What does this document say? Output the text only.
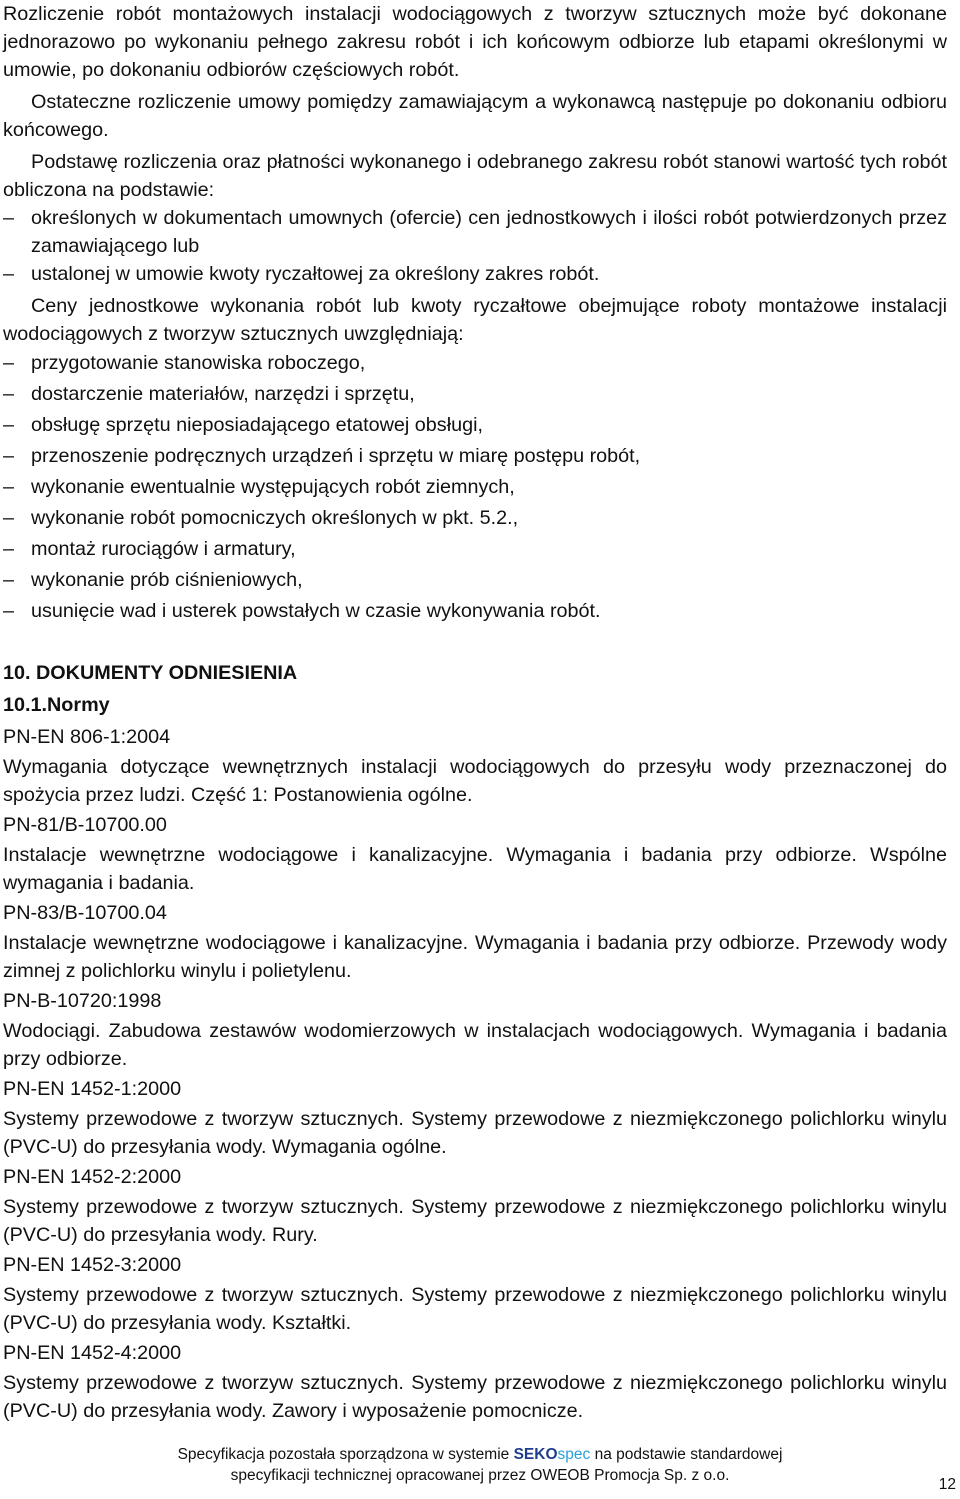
Rozliczenie robót montażowych instalacji wodociągowych z tworzyw sztucznych może być dokonane jednorazowo po wykonaniu pełnego zakresu robót i ich końcowym odbiorze lub etapami określonymi w umowie, po dokonaniu odbiorów częściowych robót.

Ostateczne rozliczenie umowy pomiędzy zamawiającym a wykonawcą następuje po dokonaniu odbioru końcowego.

Podstawę rozliczenia oraz płatności wykonanego i odebranego zakresu robót stanowi wartość tych robót obliczona na podstawie:

– określonych w dokumentach umownych (ofercie) cen jednostkowych i ilości robót potwierdzonych przez zamawiającego lub
– ustalonej w umowie kwoty ryczałtowej za określony zakres robót.

Ceny jednostkowe wykonania robót lub kwoty ryczałtowe obejmujące roboty montażowe instalacji wodociągowych z tworzyw sztucznych uwzględniają:

– przygotowanie stanowiska roboczego,
– dostarczenie materiałów, narzędzi i sprzętu,
– obsługę sprzętu nieposiadającego etatowej obsługi,
– przenoszenie podręcznych urządzeń i sprzętu w miarę postępu robót,
– wykonanie ewentualnie występujących robót ziemnych,
– wykonanie robót pomocniczych określonych w pkt. 5.2.,
– montaż rurociągów i armatury,
– wykonanie prób ciśnieniowych,
– usunięcie wad i usterek powstałych w czasie wykonywania robót.
10. DOKUMENTY ODNIESIENIA
10.1.Normy
PN-EN 806-1:2004
Wymagania dotyczące wewnętrznych instalacji wodociągowych do przesyłu wody przeznaczonej do spożycia przez ludzi. Część 1: Postanowienia ogólne.
PN-81/B-10700.00
Instalacje wewnętrzne wodociągowe i kanalizacyjne. Wymagania i badania przy odbiorze. Wspólne wymagania i badania.
PN-83/B-10700.04
Instalacje wewnętrzne wodociągowe i kanalizacyjne. Wymagania i badania przy odbiorze. Przewody wody zimnej z polichlorku winylu i polietylenu.
PN-B-10720:1998
Wodociągi. Zabudowa zestawów wodomierzowych w instalacjach wodociągowych. Wymagania i badania przy odbiorze.
PN-EN 1452-1:2000
Systemy przewodowe z tworzyw sztucznych. Systemy przewodowe z niezmiękczonego polichlorku winylu (PVC-U) do przesyłania wody. Wymagania ogólne.
PN-EN 1452-2:2000
Systemy przewodowe z tworzyw sztucznych. Systemy przewodowe z niezmiękczonego polichlorku winylu (PVC-U) do przesyłania wody. Rury.
PN-EN 1452-3:2000
Systemy przewodowe z tworzyw sztucznych. Systemy przewodowe z niezmiękczonego polichlorku winylu (PVC-U) do przesyłania wody. Kształtki.
PN-EN 1452-4:2000
Systemy przewodowe z tworzyw sztucznych. Systemy przewodowe z niezmiękczonego polichlorku winylu (PVC-U) do przesyłania wody. Zawory i wyposażenie pomocnicze.
Specyfikacja pozostała sporządzona w systemie SEKOspec na podstawie standardowej
specyfikacji technicznej opracowanej przez OWEOB Promocja Sp. z o.o.
12
